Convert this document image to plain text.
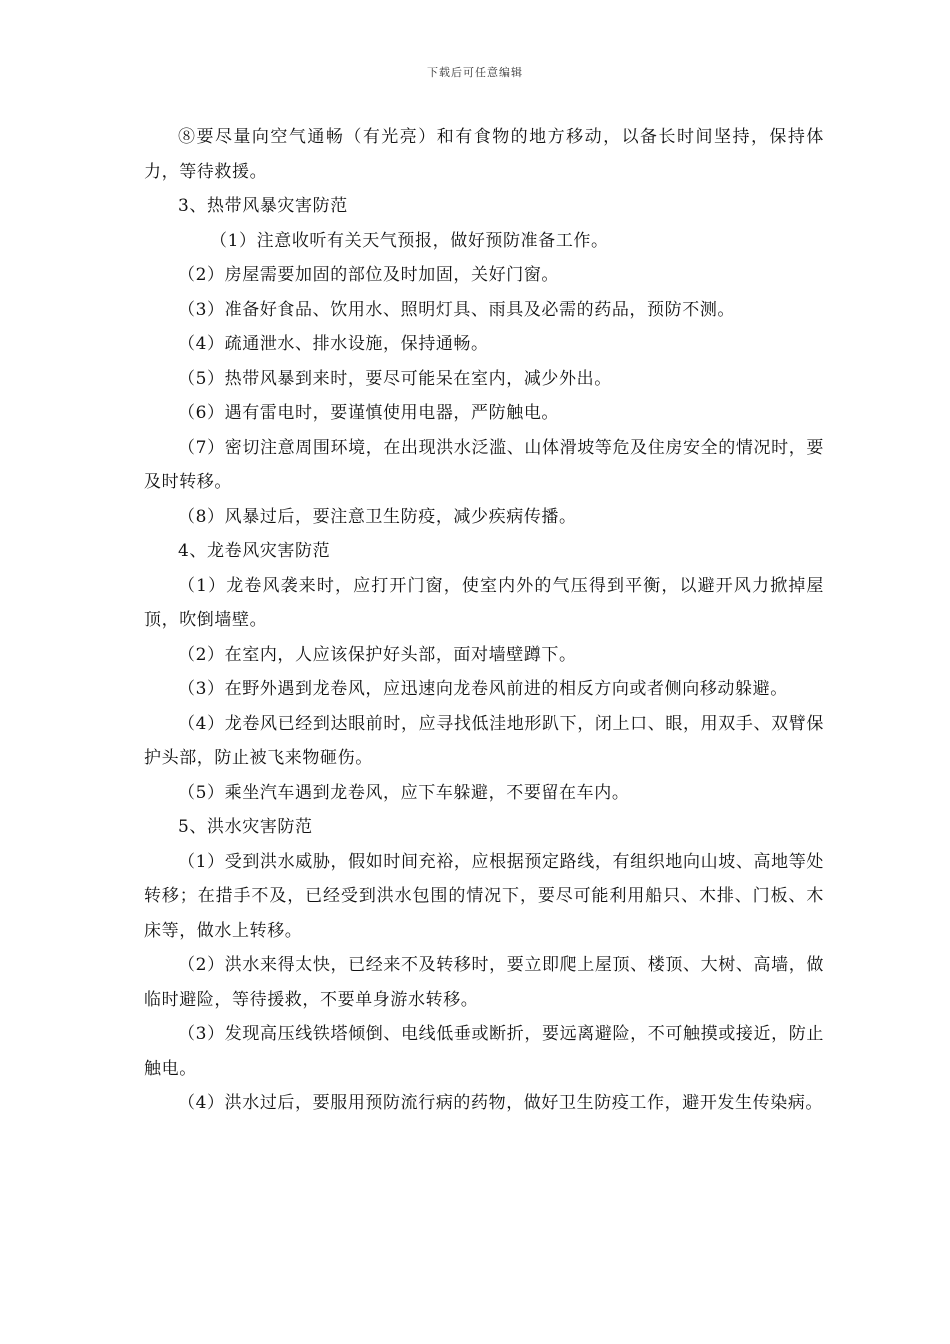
下载后可任意编辑

⑧要尽量向空气通畅（有光亮）和有食物的地方移动，以备长时间坚持，保持体力，等待救援。

3、热带风暴灾害防范

（1）注意收听有关天气预报，做好预防准备工作。

（2）房屋需要加固的部位及时加固，关好门窗。

（3）准备好食品、饮用水、照明灯具、雨具及必需的药品，预防不测。

（4）疏通泄水、排水设施，保持通畅。

（5）热带风暴到来时，要尽可能呆在室内，减少外出。

（6）遇有雷电时，要谨慎使用电器，严防触电。

（7）密切注意周围环境，在出现洪水泛滥、山体滑坡等危及住房安全的情况时，要及时转移。

（8）风暴过后，要注意卫生防疫，减少疾病传播。

4、龙卷风灾害防范

（1）龙卷风袭来时，应打开门窗，使室内外的气压得到平衡，以避开风力掀掉屋顶，吹倒墙壁。

（2）在室内，人应该保护好头部，面对墙壁蹲下。

（3）在野外遇到龙卷风，应迅速向龙卷风前进的相反方向或者侧向移动躲避。

（4）龙卷风已经到达眼前时，应寻找低洼地形趴下，闭上口、眼，用双手、双臂保护头部，防止被飞来物砸伤。

（5）乘坐汽车遇到龙卷风，应下车躲避，不要留在车内。

5、洪水灾害防范

（1）受到洪水威胁，假如时间充裕，应根据预定路线，有组织地向山坡、高地等处转移；在措手不及，已经受到洪水包围的情况下，要尽可能利用船只、木排、门板、木床等，做水上转移。

（2）洪水来得太快，已经来不及转移时，要立即爬上屋顶、楼顶、大树、高墙，做临时避险，等待援救，不要单身游水转移。

（3）发现高压线铁塔倾倒、电线低垂或断折，要远离避险，不可触摸或接近，防止触电。

（4）洪水过后，要服用预防流行病的药物，做好卫生防疫工作，避开发生传染病。
